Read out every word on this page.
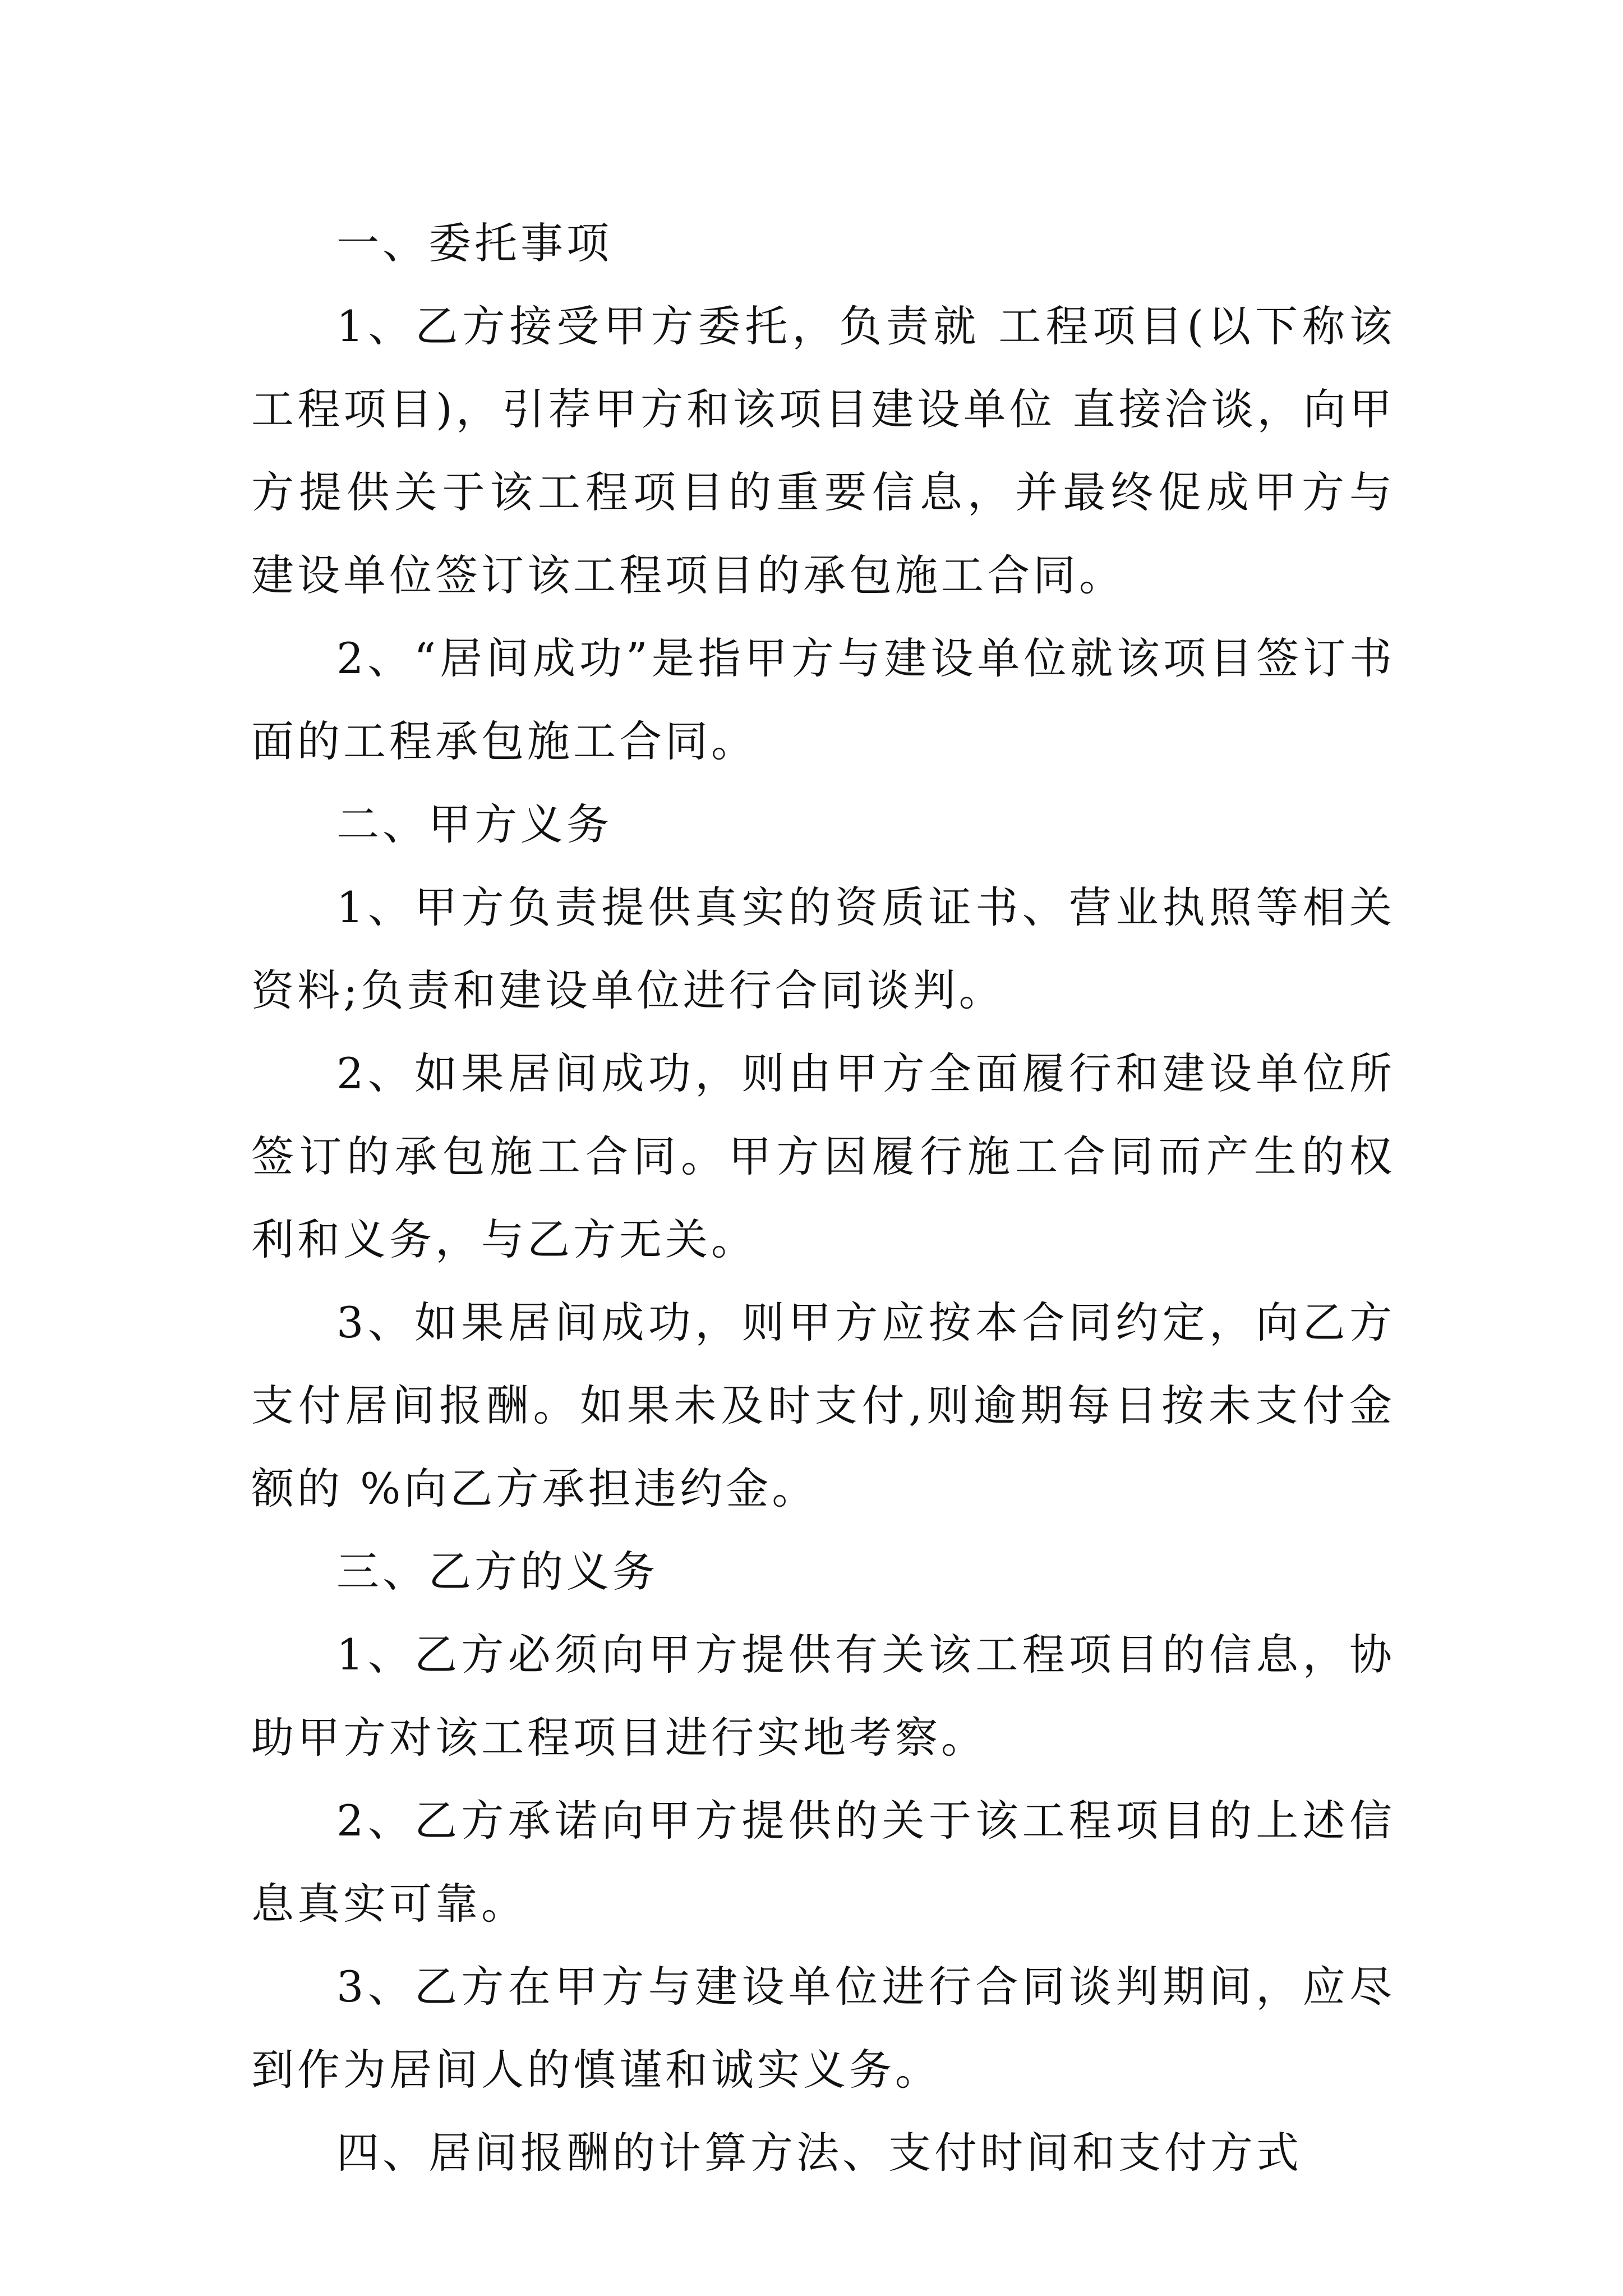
一、委托事项

1、乙方接受甲方委托，负责就 工程项目(以下称该工程项目)，引荐甲方和该项目建设单位 直接洽谈，向甲方提供关于该工程项目的重要信息，并最终促成甲方与建设单位签订该工程项目的承包施工合同。

2、“居间成功”是指甲方与建设单位就该项目签订书面的工程承包施工合同。

二、甲方义务

1、甲方负责提供真实的资质证书、营业执照等相关资料;负责和建设单位进行合同谈判。

2、如果居间成功，则由甲方全面履行和建设单位所签订的承包施工合同。甲方因履行施工合同而产生的权利和义务，与乙方无关。

3、如果居间成功，则甲方应按本合同约定，向乙方支付居间报酬。如果未及时支付,则逾期每日按未支付金额的 %向乙方承担违约金。

三、乙方的义务

1、乙方必须向甲方提供有关该工程项目的信息，协助甲方对该工程项目进行实地考察。

2、乙方承诺向甲方提供的关于该工程项目的上述信息真实可靠。

3、乙方在甲方与建设单位进行合同谈判期间，应尽到作为居间人的慎谨和诚实义务。

四、居间报酬的计算方法、支付时间和支付方式
